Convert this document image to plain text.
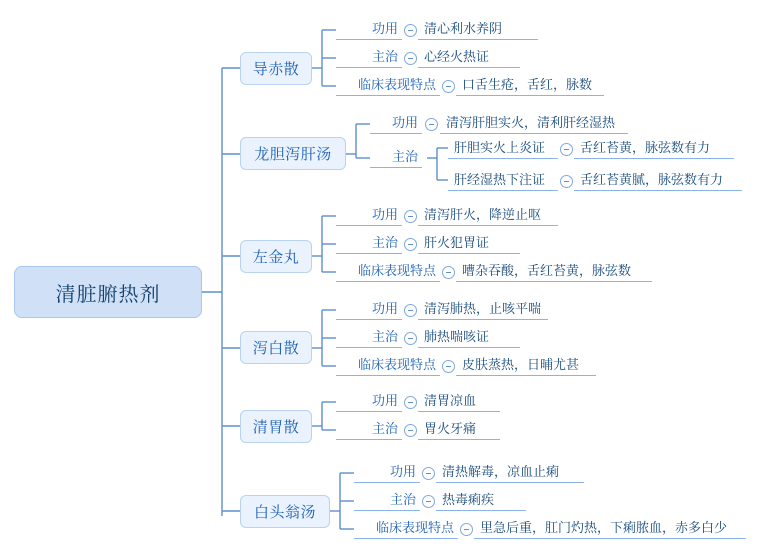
清脏腑热剂
导赤散
功用 清心利水养阴
主治 心经火热证
临床表现特点 口舌生疮，舌红，脉数
龙胆泻肝汤
功用 清泻肝胆实火，清利肝经湿热
主治
肝胆实火上炎证	舌红苔黄，脉弦数有力
肝经湿热下注证	舌红苔黄腻，脉弦数有力
左金丸
功用 清泻肝火，降逆止呕
主治 肝火犯胃证
临床表现特点 嘈杂吞酸，舌红苔黄，脉弦数
泻白散
功用 清泻肺热，止咳平喘
主治 肺热喘咳证
临床表现特点 皮肤蒸热，日晡尤甚
清胃散
功用 清胃凉血
主治 胃火牙痛
白头翁汤
功用 清热解毒，凉血止痢
主治 热毒痢疾
临床表现特点 里急后重，肛门灼热，下痢脓血，赤多白少
